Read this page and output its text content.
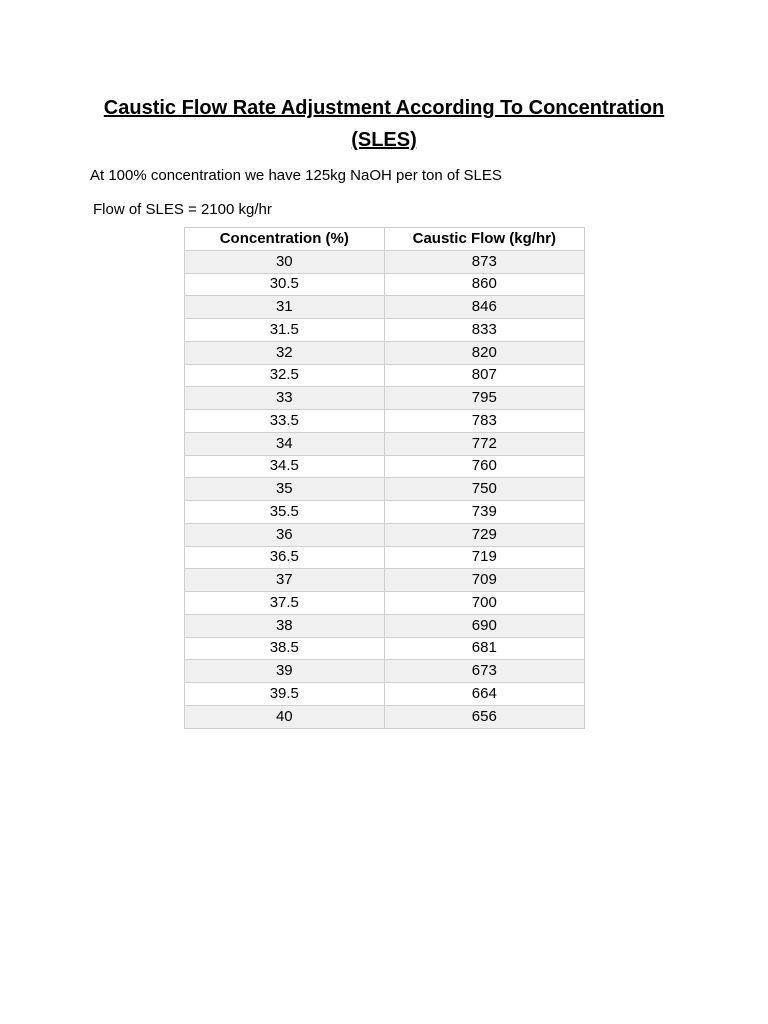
Caustic Flow Rate Adjustment According To Concentration (SLES)
At 100% concentration we have 125kg NaOH per ton of SLES
Flow of SLES = 2100 kg/hr
Concentration (%)	Caustic Flow (kg/hr)
30	873
30.5	860
31	846
31.5	833
32	820
32.5	807
33	795
33.5	783
34	772
34.5	760
35	750
35.5	739
36	729
36.5	719
37	709
37.5	700
38	690
38.5	681
39	673
39.5	664
40	656
